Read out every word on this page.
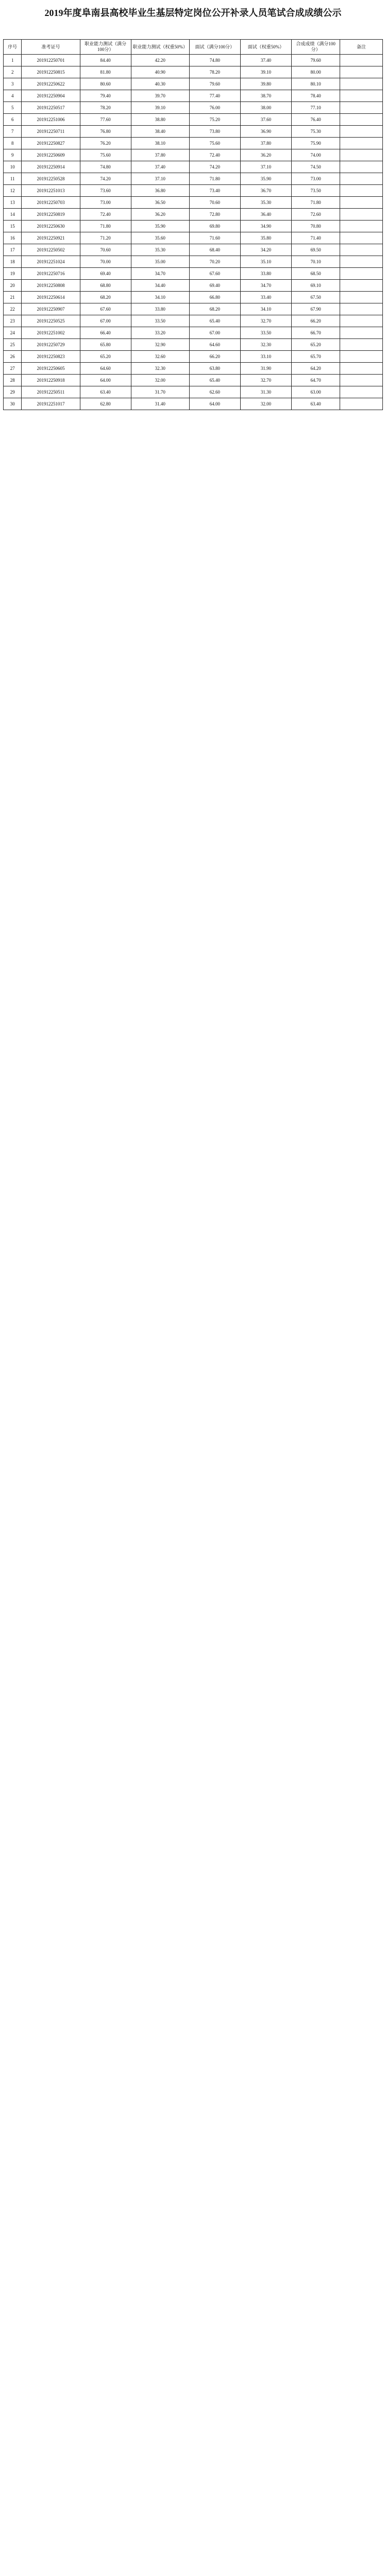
2019年度阜南县高校毕业生基层特定岗位公开补录人员笔试合成成绩公示
序号	准考证号	职业能力测试（满分100分）	职业能力测试（权重50%）	面试（满分100分）	面试（权重50%）	合成成绩（满分100分）	备注
1	201912250701	84.40	42.20	74.80	37.40	79.60	
2	201912250815	81.80	40.90	78.20	39.10	80.00	
3	201912250622	80.60	40.30	79.60	39.80	80.10	
4	201912250904	79.40	39.70	77.40	38.70	78.40	
5	201912250517	78.20	39.10	76.00	38.00	77.10	
6	201912251006	77.60	38.80	75.20	37.60	76.40	
7	201912250711	76.80	38.40	73.80	36.90	75.30	
8	201912250827	76.20	38.10	75.60	37.80	75.90	
9	201912250609	75.60	37.80	72.40	36.20	74.00	
10	201912250914	74.80	37.40	74.20	37.10	74.50	
11	201912250528	74.20	37.10	71.80	35.90	73.00	
12	201912251013	73.60	36.80	73.40	36.70	73.50	
13	201912250703	73.00	36.50	70.60	35.30	71.80	
14	201912250819	72.40	36.20	72.80	36.40	72.60	
15	201912250630	71.80	35.90	69.80	34.90	70.80	
16	201912250921	71.20	35.60	71.60	35.80	71.40	
17	201912250502	70.60	35.30	68.40	34.20	69.50	
18	201912251024	70.00	35.00	70.20	35.10	70.10	
19	201912250716	69.40	34.70	67.60	33.80	68.50	
20	201912250808	68.80	34.40	69.40	34.70	69.10	
21	201912250614	68.20	34.10	66.80	33.40	67.50	
22	201912250907	67.60	33.80	68.20	34.10	67.90	
23	201912250525	67.00	33.50	65.40	32.70	66.20	
24	201912251002	66.40	33.20	67.00	33.50	66.70	
25	201912250729	65.80	32.90	64.60	32.30	65.20	
26	201912250823	65.20	32.60	66.20	33.10	65.70	
27	201912250605	64.60	32.30	63.80	31.90	64.20	
28	201912250918	64.00	32.00	65.40	32.70	64.70	
29	201912250511	63.40	31.70	62.60	31.30	63.00	
30	201912251017	62.80	31.40	64.00	32.00	63.40	
